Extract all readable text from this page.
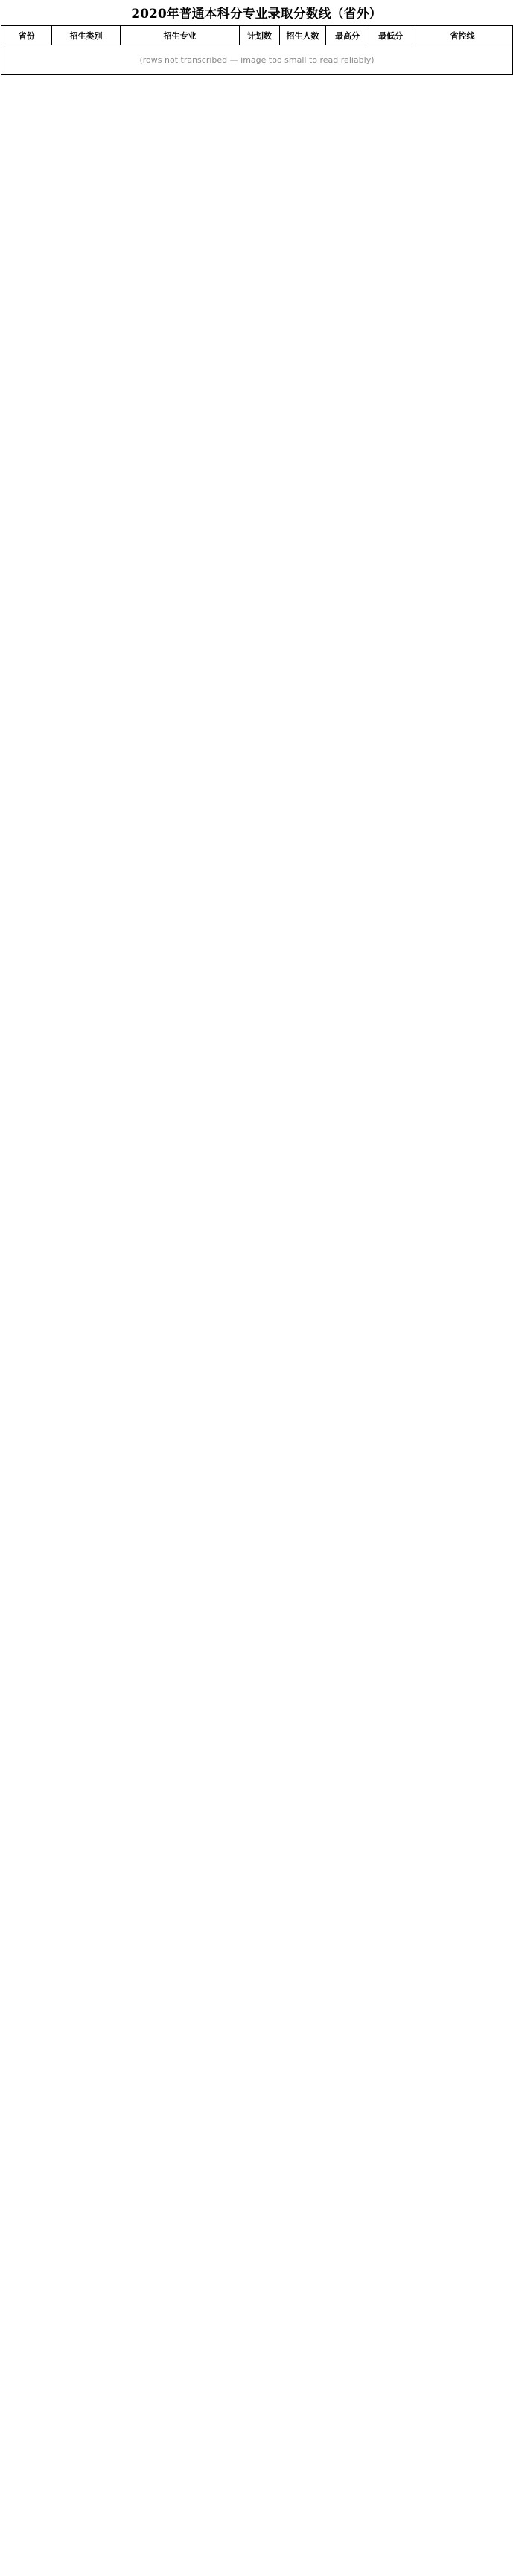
2020年普通本科分专业录取分数线（省外）
省份	招生类别	招生专业	计划数	招生人数	最高分	最低分	省控线
(rows not transcribed — image too small to read reliably)
